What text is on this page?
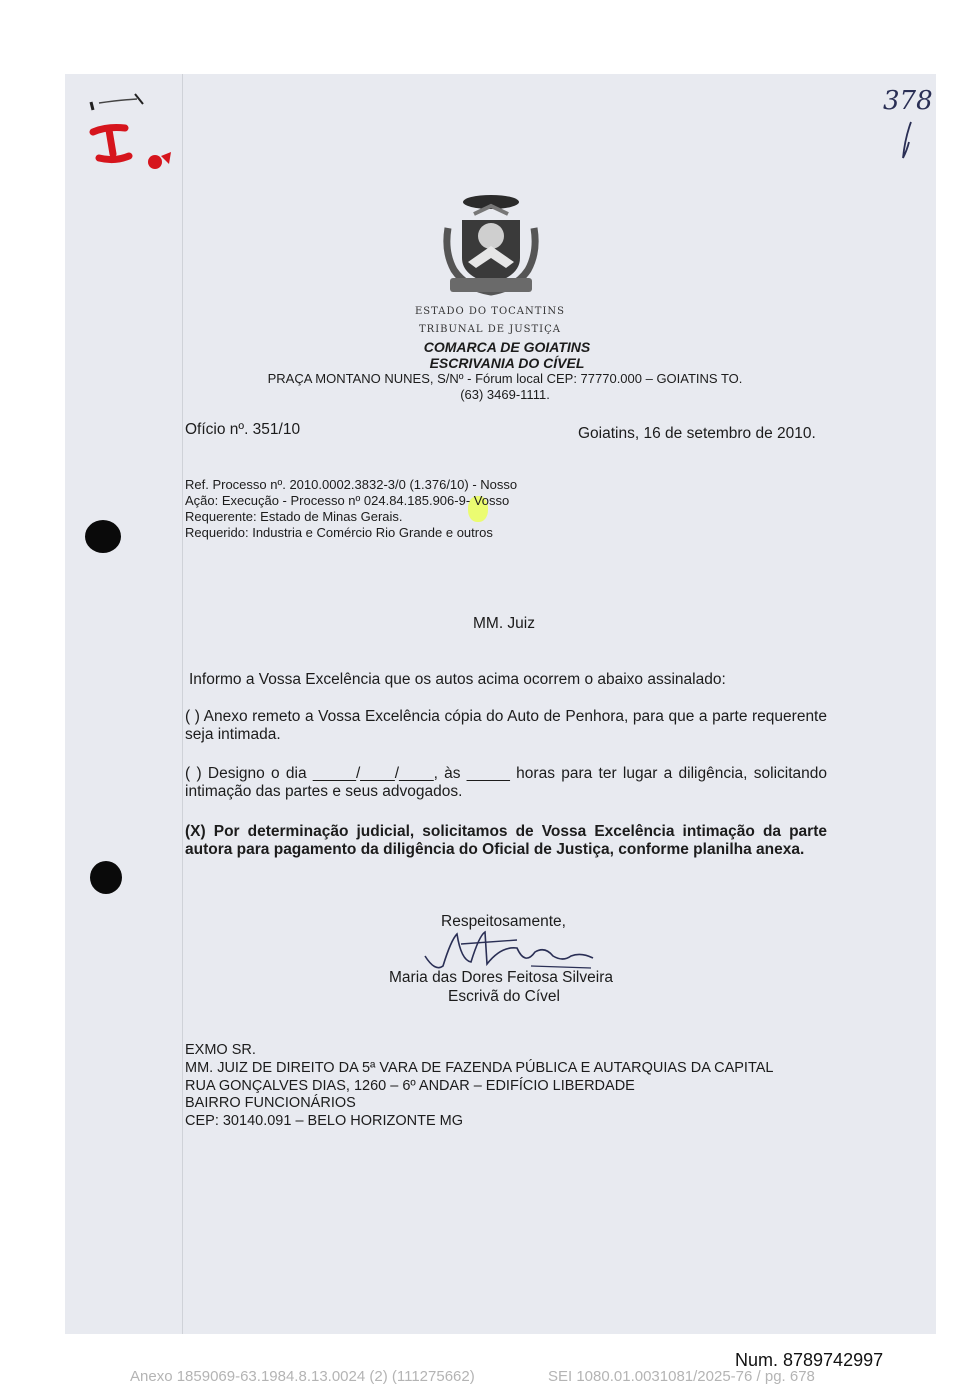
378
ESTADO DO TOCANTINS
TRIBUNAL DE JUSTIÇA
COMARCA DE GOIATINS
ESCRIVANIA DO CÍVEL
PRAÇA MONTANO NUNES, S/Nº - Fórum local CEP: 77770.000 – GOIATINS TO.
(63) 3469-1111.
Ofício nº. 351/10	Goiatins, 16 de setembro de 2010.
Ref. Processo nº. 2010.0002.3832-3/0 (1.376/10) - Nosso
Ação: Execução - Processo nº 024.84.185.906-9- Vosso
Requerente: Estado de Minas Gerais.
Requerido: Industria e Comércio Rio Grande e outros
MM. Juiz
Informo a Vossa Excelência que os autos acima ocorrem o abaixo assinalado:
( ) Anexo remeto a Vossa Excelência cópia do Auto de Penhora, para que a parte requerente seja intimada.
( ) Designo o dia _____/____/____, às _____ horas para ter lugar a diligência, solicitando intimação das partes e seus advogados.
(X) Por determinação judicial, solicitamos de Vossa Excelência intimação da parte autora para pagamento da diligência do Oficial de Justiça, conforme planilha anexa.
Respeitosamente,
Maria das Dores Feitosa Silveira
Escrivã do Cível
EXMO SR.
MM. JUIZ DE DIREITO DA 5ª VARA DE FAZENDA PÚBLICA E AUTARQUIAS DA CAPITAL
RUA GONÇALVES DIAS, 1260 – 6º ANDAR – EDIFÍCIO LIBERDADE
BAIRRO FUNCIONÁRIOS
CEP: 30140.091 – BELO HORIZONTE MG
Num. 8789742997
Anexo 1859069-63.1984.8.13.0024 (2) (111275662)	SEI 1080.01.0031081/2025-76 / pg. 678
